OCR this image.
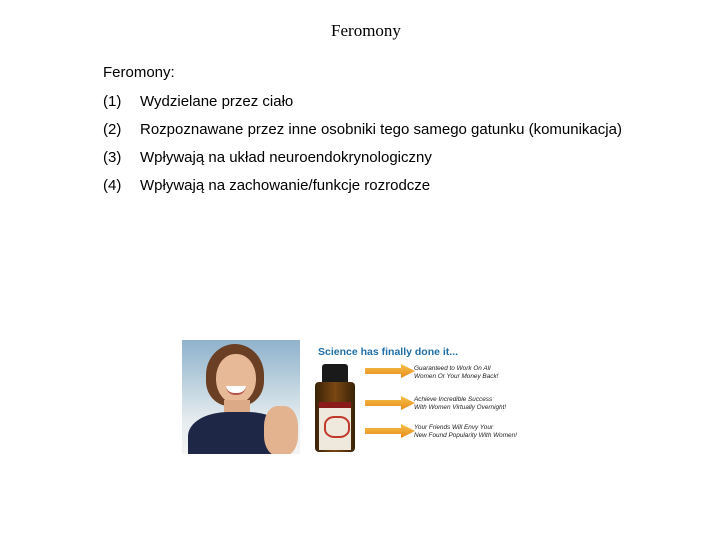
Feromony
Feromony:
(1)	Wydzielane przez ciało
(2)	Rozpoznawane przez inne osobniki tego samego gatunku (komunikacja)
(3)	Wpływają na układ neuroendokrynologiczny
(4)	Wpływają na zachowanie/funkcje rozrodcze
Science has finally done it...
Guaranteed to Work On All
Women Or Your Money Back!
Achieve Incredible Success
With Women Virtually Overnight!
Your Friends Will Envy Your
New Found Popularity With Women!
